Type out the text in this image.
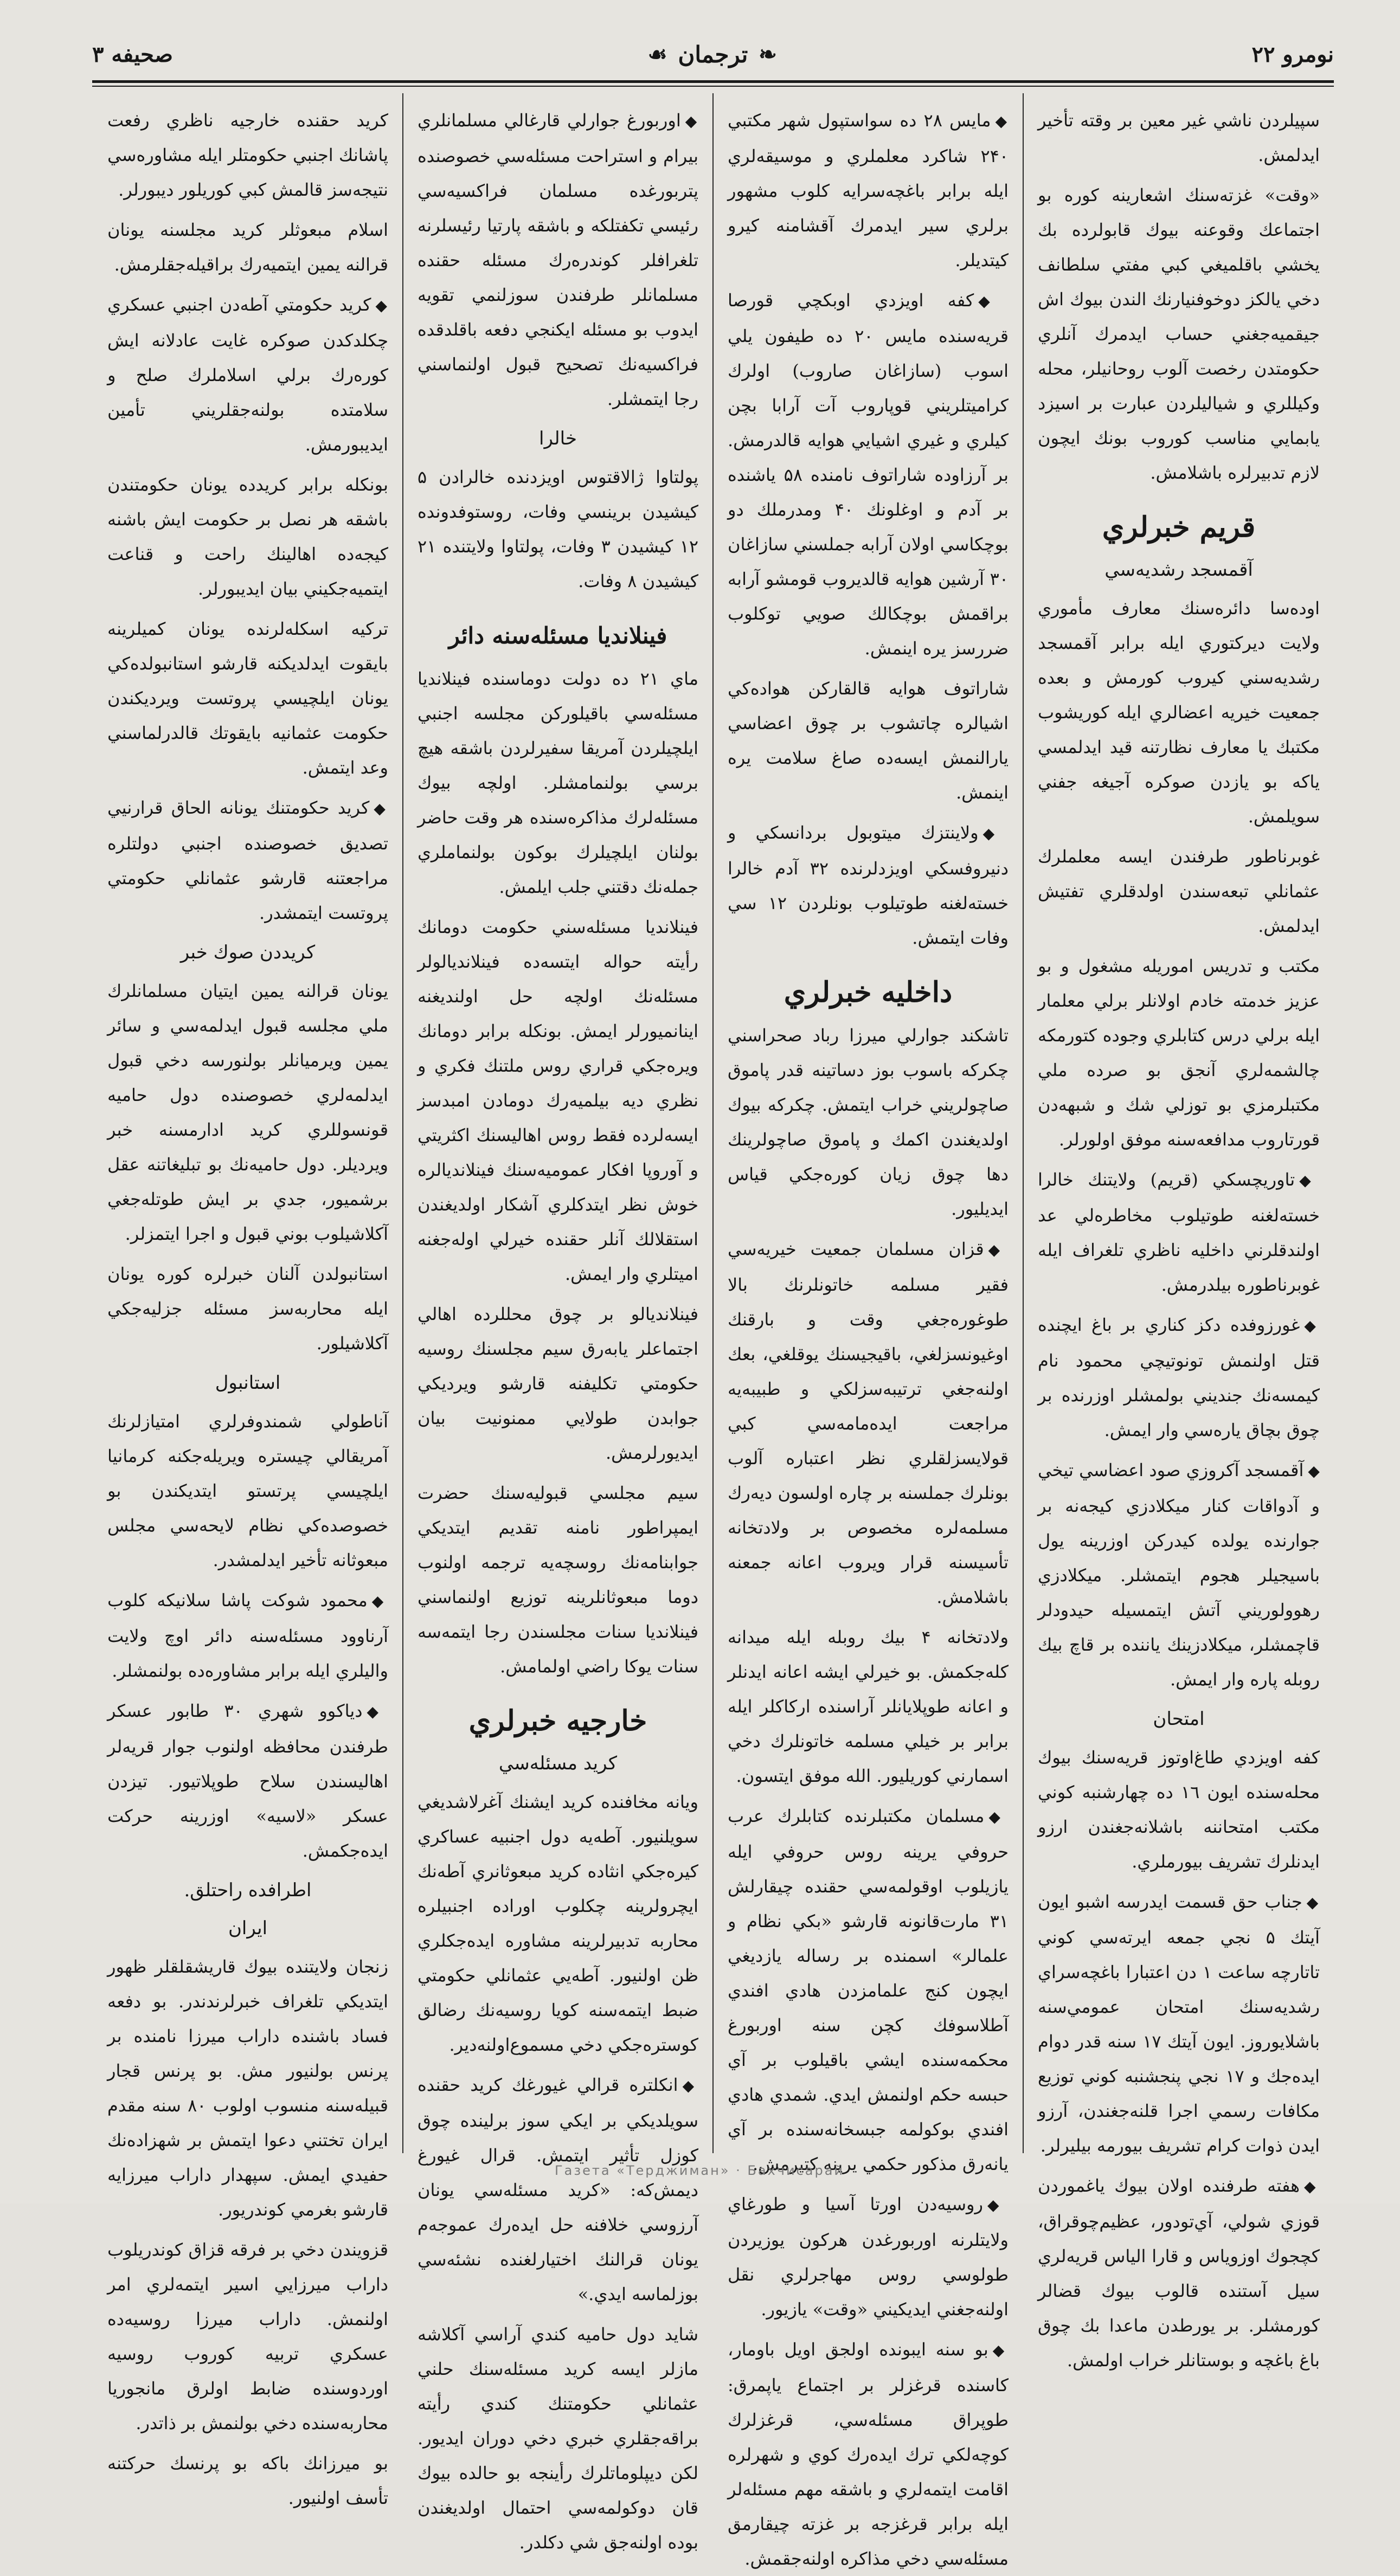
نومرو ۲۲
❧
ترجمان
☙
صحيفه ۳

سپيلردن ناشي غير معين بر وقته تأخير ايدلمش.

«وقت» غزته‌سنك اشعارينه كوره بو اجتماعك وقوعنه بيوك قابولرده بك يخشي باقلميغي كبي مفتي سلطانف دخي يالكز دوخوفنيارنك الندن بيوك اش جيقميه‌جغني حساب ايدمرك آنلري حكومتدن رخصت آلوب روحانيلر، محله وكيللري و شياليلردن عبارت بر اسيزد يابمايي مناسب كوروب بونك ايچون لازم تدبيرلره باشلامش.

قريم خبرلري
آقمسجد رشديه‌سي

اوده‌سا دائره‌سنك معارف مأموري ولايت ديركتوري ايله برابر آقمسجد رشديه‌سني كيروب كورمش و بعده جمعيت خيريه اعضالري ايله كوريشوب مكتبك يا معارف نظارتنه قيد ايدلمسي ياكه بو يازدن صوكره آجيغه جفني سويلمش.

غوبرناطور طرفندن ايسه معلملرك عثمانلي تبعه‌سندن اولدقلري تفتيش ايدلمش.

مكتب و تدريس اموريله مشغول و بو عزيز خدمته خادم اولانلر برلي معلمار ايله برلي درس كتابلري وجوده كتورمكه چالشمه‌لري آنجق بو صرده ملي مكتبلرمزي بو توزلي شك و شبهه‌دن قورتاروب مدافعه‌سنه موفق اولورلر.

◆تاوريچسكي (قريم) ولايتنك خالرا خسته‌لغنه طوتيلوب مخاطره‌لي عد اولندقلرني داخليه ناظري تلغراف ايله غوبرناطوره بيلدرمش.

◆غورزوفده دكز كناري بر باغ ايچنده قتل اولنمش تونوتيچي محمود نام كيمسه‌نك جنديني بولمشلر اوزرنده بر چوق بچاق ياره‌سي وار ايمش.

◆آقمسجد آكروزي صود اعضاسي تيخي و آدواقات كنار ميكلادزي كيجه‌نه بر جوارنده يولده كيدركن اوزرينه يول باسيجيلر هجوم ايتمشلر. ميكلادزي رهوولوريني آتش ايتمسيله حيدودلر قاچمشلر، ميكلادزينك ياننده بر قاچ بيك روبله پاره وار ايمش.

امتحان

كفه اويزدي طاغ‌اوتوز قريه‌سنك بيوك محله‌سنده ايون ۱٦ ده چهارشنبه كوني مكتب امتحاننه باشلانه‌جغندن ارزو ايدنلرك تشريف بيورملري.

◆جناب حق قسمت ايدرسه اشبو ايون آيتك ۵ نجي جمعه ايرته‌سي كوني تاتارچه ساعت ۱ دن اعتبارا باغچه‌سراي رشديه‌سنك امتحان عمومي‌سنه باشلايوروز. ايون آيتك ۱۷ سنه قدر دوام ايده‌جك و ۱۷ نجي پنجشنبه كوني توزيع مكافات رسمي اجرا قلنه‌جغندن، آرزو ايدن ذوات كرام تشريف بيورمه بيليرلر.

◆هفته طرفنده اولان بيوك ياغموردن قوزي شولي، آي‌تودور، عظيم‌چوقراق، كچجوك اوزوياس و قارا الياس قريه‌لري سيل آستنده قالوب بيوك قضالر كورمشلر. بر يورطدن ماعدا بك چوق باغ باغچه و بوستانلر خراب اولمش.

◆مايس ۲۸ ده سواستپول شهر مكتبي ۲۴۰ شاكرد معلملري و موسيقه‌لري ايله برابر باغچه‌سرايه كلوب مشهور برلري سير ايدمرك آقشامنه كيرو كيتديلر.

◆كفه اويزدي اوبكچي قورصا قريه‌سنده مايس ۲۰ ده طيفون يلي اسوب (سازاغان صاروب) اولرك كراميتلريني قوپاروب آت آرابا بچن كيلري و غيري اشيايي هوايه قالدرمش. بر آرزاوده شاراتوف نامنده ۵۸ ياشنده بر آدم و اوغلونك ۴۰ ومدرملك دو بوچكاسي اولان آرابه جملسني سازاغان ۳۰ آرشين هوايه قالديروب قومشو آرابه براقمش بوچكالك صويي توكلوب ضررسز يره اينمش.

شاراتوف هوايه قالقاركن هواده‌كي اشيالره چاتشوب بر چوق اعضاسي يارالنمش ايسه‌ده صاغ سلامت يره اينمش.

◆ولاينتزك ميتوبول بردانسكي و دنيروفسكي اويزدلرنده ۳۲ آدم خالرا خسته‌لغنه طوتيلوب بونلردن ۱۲ سي وفات ايتمش.

داخليه خبرلري

تاشكند جوارلي ميرزا رباد صحراسني چكركه باسوب بوز دساتينه قدر پاموق صاچولريني خراب ايتمش. چكركه بيوك اولديغندن اكمك و پاموق صاچولرينك دها چوق زيان كوره‌جكي قياس ايديليور.

◆قزان مسلمان جمعيت خيريه‌سي فقير مسلمه خاتونلرنك بالا طوغوره‌جغي وقت و بارقنك اوغيونسزلغي، باقيجيسنك يوقلغي، بعك اولنه‌جغي ترتيبه‌سزلكي و طبيبه‌يه مراجعت ايده‌مامه‌سي كبي قولايسزلقلري نظر اعتباره آلوب بونلرك جملسنه بر چاره اولسون ديه‌رك مسلمه‌لره مخصوص بر ولادتخانه تأسيسنه قرار ويروب اعانه جمعنه باشلامش.

ولادتخانه ۴ بيك روبله ايله ميدانه كله‌جكمش. بو خيرلي ايشه اعانه ايدنلر و اعانه طوپلايانلر آراسنده اركاكلر ايله برابر بر خيلي مسلمه خاتونلرك دخي اسمارني كوريليور. الله موفق ايتسون.

◆مسلمان مكتبلرنده كتابلرك عرب حروفي يرينه روس حروفي ايله يازيلوب اوقولمه‌سي حقنده چيقارلش ۳۱ مارت‌قانونه قارشو «بكي نظام و علمالر» اسمنده بر رساله يازديغي ايچون كنج علمامزدن هادي افندي آطلاسوفك كچن سنه اوربورغ محكمه‌سنده ايشي باقيلوب بر آي حبسه حكم اولنمش ايدي. شمدي هادي افندي بوكولمه جبسخانه‌سنده بر آي يانه‌رق مذكور حكمي يرينه كتيرمش.

◆روسيه‌دن اورتا آسيا و طورغاي ولايتلرنه اوربورغدن هركون يوزيردن طولوسي روس مهاجرلري نقل اولنه‌جغني ايديكيني «وقت» يازيور.

◆بو سنه ايبونده اولجق اويل باومار، كاسنده قرغزلر بر اجتماع ياپمرق: طوپراق مسئله‌سي، قرغزلرك كوچه‌لكي ترك ايده‌رك كوي و شهرلره اقامت ايتمه‌لري و باشقه مهم مسئله‌لر ايله برابر قرغزجه بر غزته چيقارمق مسئله‌سي دخي مذاكره اولنه‌جقمش.

◆اوربورغ جوارلي قارغالي مسلمانلري بيرام و استراحت مسئله‌سي خصوصنده پتربورغده مسلمان فراكسيه‌سي رئيسي تكفتلكه و باشقه پارتيا رئيسلرنه تلغرافلر كوندره‌رك مسئله حقنده مسلمانلر طرفندن سوزلنمي تقويه ايدوب بو مسئله ايكنجي دفعه باقلدقده فراكسيه‌نك تصحيح قبول اولنماسني رجا ايتمشلر.

خالرا

پولتاوا ژالاقتوس اويزدنده خالرادن ۵ كيشيدن برينسي وفات، روستوفدونده ۱۲ كيشيدن ۳ وفات، پولتاوا ولايتنده ۲۱ كيشيدن ۸ وفات.

فينلانديا مسئله‌سنه دائر

ماي ۲۱ ده دولت دوماسنده فينلانديا مسئله‌سي باقيلوركن مجلسه اجنبي ايلچيلردن آمريقا سفيرلردن باشقه هيچ برسي بولنمامشلر. اولچه بيوك مسئله‌لرك مذاكره‌سنده هر وقت حاضر بولنان ايلچيلرك بوكون بولنماملري جمله‌نك دقتني جلب ايلمش.

فينلانديا مسئله‌سني حكومت دومانك رأيته حواله ايتسه‌ده فينلانديالولر مسئله‌نك اولچه حل اولنديغنه اينانميورلر ايمش. بونكله برابر دومانك ويره‌جكي قراري روس ملتنك فكري و نظري ديه بيلميه‌رك دومادن امبدسز ايسه‌لرده فقط روس اهاليسنك اكثريتي و آوروپا افكار عموميه‌سنك فينلانديالره خوش نظر ايتدكلري آشكار اولديغندن استقلالك آنلر حقنده خيرلي اوله‌جغنه اميتلري وار ايمش.

فينلانديالو بر چوق محللرده اهالي اجتماعلر يابه‌رق سيم مجلسنك روسيه حكومتي تكليفنه قارشو ويرديكي جوابدن طولايي ممنونيت بيان ايديورلرمش.

سيم مجلسي قبوليه‌سنك حضرت ايمپراطور نامنه تقديم ايتديكي جوابنامه‌نك روسچه‌يه ترجمه اولنوب دوما مبعوثانلرينه توزيع اولنماسني فينلانديا سنات مجلسندن رجا ايتمه‌سه سنات يوكا راضي اولمامش.

خارجيه خبرلري
كريد مسئله‌سي

ويانه مخافنده كريد ايشنك آغرلاشديغي سويلنيور. آطه‌يه دول اجنبيه عساكري كيره‌جكي انثاده كريد مبعوثانري آطه‌نك ايچرولرينه چكلوب اوراده اجنبيلره محاربه تدبيرلرينه مشاوره ايده‌جكلري ظن اولنيور. آطه‌يي عثمانلي حكومتي ضبط ايتمه‌سنه كويا روسيه‌نك رضالق كوستره‌جكي دخي مسموع‌اولنه‌دير.

◆انكلتره قرالي غيورغك كريد حقنده سويلديكي بر ايكي سوز برلينده چوق كوزل تأثير ايتمش. قرال غيورغ ديمش‌كه: «كريد مسئله‌سي يونان آرزوسي خلافنه حل ايده‌رك عموجه‌م يونان قرالنك اختيارلغنده نشئه‌سي بوزلماسه ايدي.»

شايد دول حاميه كندي آراسي آكلاشه مازلر ايسه كريد مسئله‌سنك حلني عثمانلي حكومتنك كندي رأيته براقه‌جقلري خبري دخي دوران ايديور. لكن ديپلوماتلرك رأينجه بو حالده بيوك قان دوكولمه‌سي احتمال اولديغندن بوده اولنه‌جق شي دكلدر.

كريد حقنده خارجيه ناظري رفعت پاشانك اجنبي حكومتلر ايله مشاوره‌سي نتيجه‌سز قالمش كبي كوريلور ديبورلر.

اسلام مبعوثلر كريد مجلسنه يونان قرالنه يمين ايتميه‌رك براقيله‌جقلرمش.

◆كريد حكومتي آطه‌دن اجنبي عسكري چكلدكدن صوكره غايت عادلانه ايش كوره‌رك برلي اسلاملرك صلح و سلامتده بولنه‌جقلريني تأمين ايديبورمش.

بونكله برابر كريدده يونان حكومتندن باشقه هر نصل بر حكومت ايش باشنه كيجه‌ده اهالينك راحت و قناعت ايتميه‌جكيني بيان ايديبورلر.

تركيه اسكله‌لرنده يونان كميلرينه بايقوت ايدلديكنه قارشو استانبولده‌كي يونان ايلچيسي پروتست ويرديكندن حكومت عثمانيه بايقوتك قالدرلماسني وعد ايتمش.

◆كريد حكومتنك يونانه الحاق قرارنيي تصديق خصوصنده اجنبي دولتلره مراجعتنه قارشو عثمانلي حكومتي پروتست ايتمشدر.

كريددن صوك خبر

يونان قرالنه يمين ايتيان مسلمانلرك ملي مجلسه قبول ايدلمه‌سي و سائر يمين ويرميانلر بولنورسه دخي قبول ايدلمه‌لري خصوصنده دول حاميه قونسوللري كريد ادارمسنه خبر ويرديلر. دول حاميه‌نك بو تبليغاتنه عقل برشميور، جدي بر ايش طوتله‌جغي آكلاشيلوب بوني قبول و اجرا ايتمزلر.

استانبولدن آلنان خبرلره كوره يونان ايله محاربه‌سز مسئله جزليه‌جكي آكلاشيلور.

استانبول

آناطولي شمندوفرلري امتيازلرنك آمريقالي چيستره ويريله‌جكنه كرمانيا ايلچيسي پرتستو ايتديكندن بو خصوصده‌كي نظام لايحه‌سي مجلس مبعوثانه تأخير ايدلمشدر.

◆محمود شوكت پاشا سلانيكه كلوب آرناوود مسئله‌سنه دائر اوچ ولايت واليلري ايله برابر مشاوره‌ده بولنمشلر.

◆دياكوو شهري ۳۰ طابور عسكر طرفندن محافظه اولنوب جوار قريه‌لر اهاليسندن سلاح طوپلاتيور. تيزدن عسكر «لاسيه» اوزرينه حركت ايده‌جكمش.

اطرافده راحتلق.
ايران

زنجان ولايتنده بيوك قاريشقلقلر ظهور ايتديكي تلغراف خبرلرندندر. بو دفعه فساد باشنده داراب ميرزا نامنده بر پرنس بولنيور مش. بو پرنس قجار قبيله‌سنه منسوب اولوب ۸۰ سنه مقدم ايران تختني دعوا ايتمش بر شهزاده‌نك حفيدي ايمش. سپهدار داراب ميرزايه قارشو بغرمي كوندريور.

قزويندن دخي بر فرقه قزاق كوندريلوب داراب ميرزايي اسير ايتمه‌لري امر اولنمش. داراب ميرزا روسيه‌ده عسكري تربيه كوروب روسيه اوردوسنده ضابط اولرق مانجوريا محاربه‌سنده دخي بولنمش بر ذاتدر.

بو ميرزانك باكه بو پرنسك حركتنه تأسف اولنيور.

Газета «Терджиман» · Бахчисарай
